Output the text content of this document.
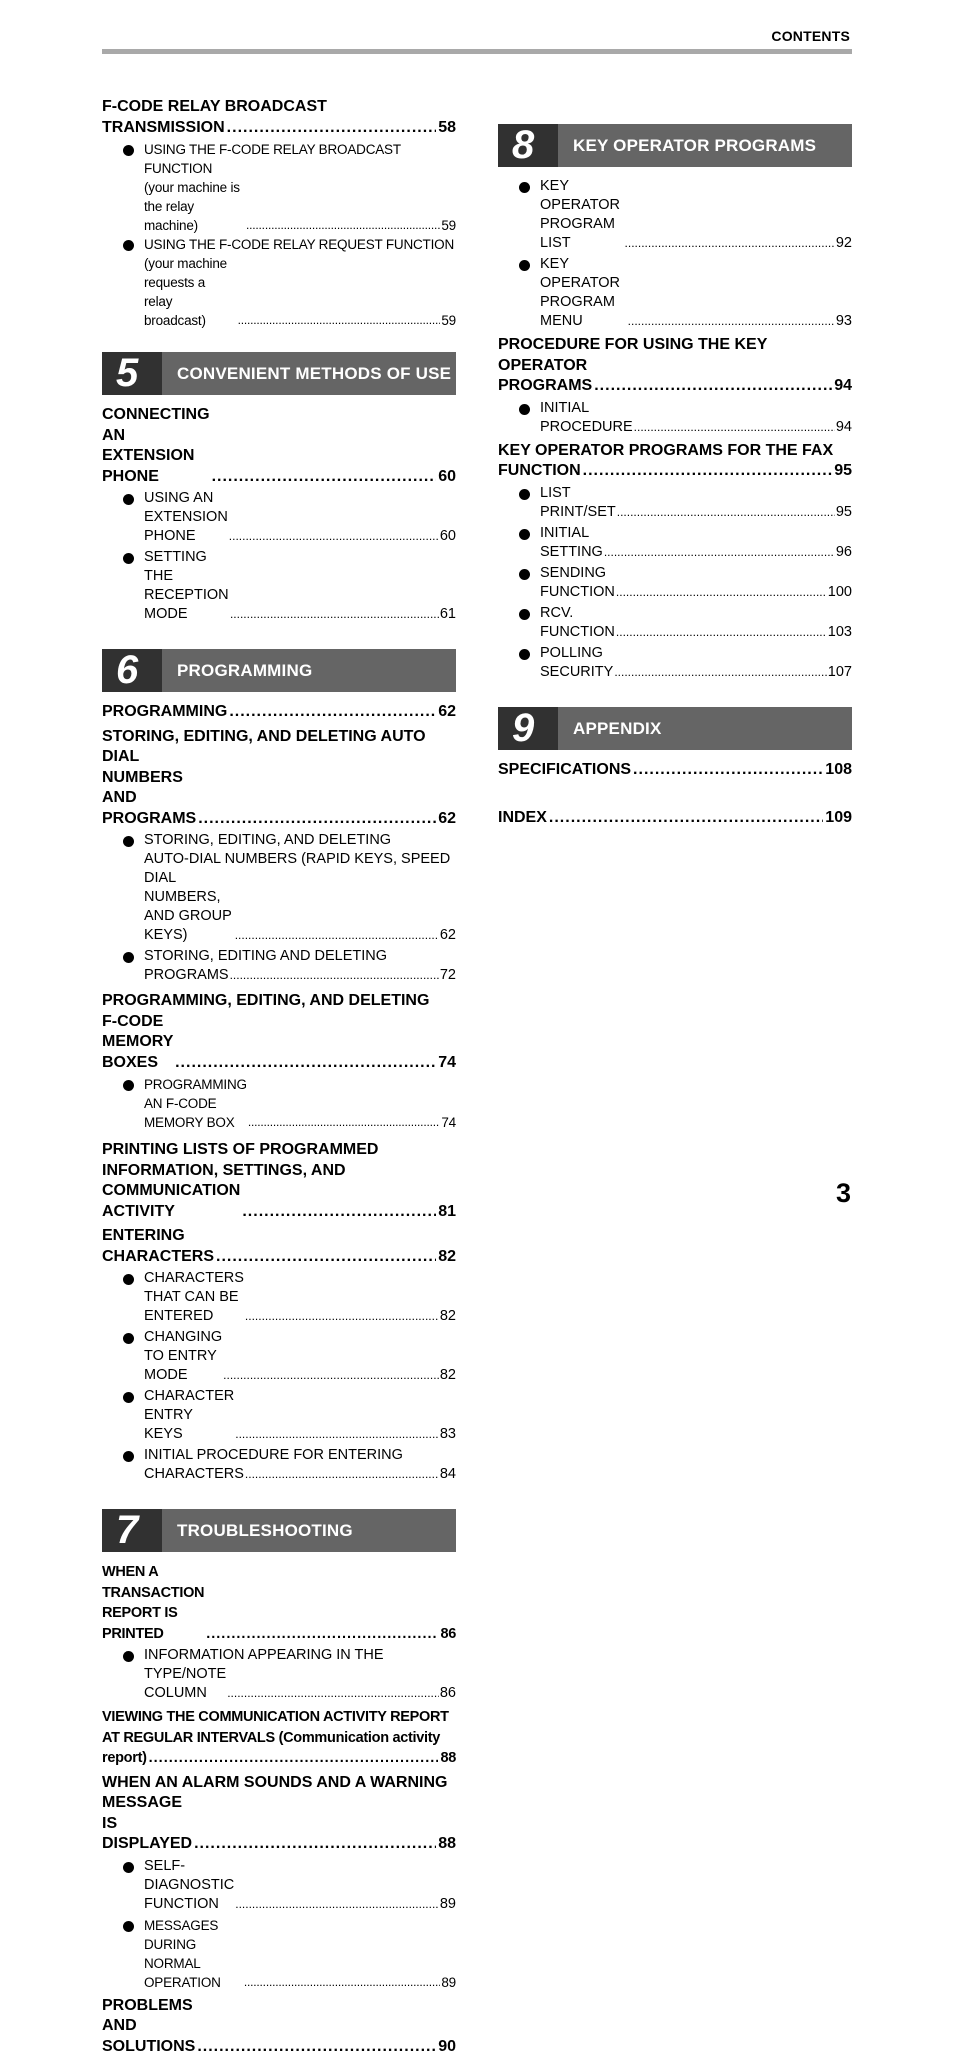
CONTENTS
F-CODE RELAY BROADCAST
TRANSMISSION .....	58
USING THE F-CODE RELAY BROADCAST
FUNCTION (your machine is the relay machine) .....	59
USING THE F-CODE RELAY REQUEST FUNCTION
(your machine requests a relay broadcast) .....	59
5 CONVENIENT METHODS OF USE
CONNECTING AN EXTENSION PHONE .....	60
USING AN EXTENSION PHONE .....	60
SETTING THE RECEPTION MODE .....	61
6 PROGRAMMING
PROGRAMMING .....	62
STORING, EDITING, AND DELETING AUTO DIAL
NUMBERS AND PROGRAMS .....	62
STORING, EDITING, AND DELETING
AUTO-DIAL NUMBERS (RAPID KEYS, SPEED
DIAL NUMBERS, AND GROUP KEYS) .....	62
STORING, EDITING AND DELETING
PROGRAMS .....	72
PROGRAMMING, EDITING, AND DELETING
F-CODE MEMORY BOXES .....	74
PROGRAMMING AN F-CODE MEMORY BOX .....	74
PRINTING LISTS OF PROGRAMMED
INFORMATION, SETTINGS, AND
COMMUNICATION ACTIVITY .....	81
ENTERING CHARACTERS .....	82
CHARACTERS THAT CAN BE ENTERED .....	82
CHANGING TO ENTRY MODE .....	82
CHARACTER ENTRY KEYS .....	83
INITIAL PROCEDURE FOR ENTERING
CHARACTERS .....	84
7 TROUBLESHOOTING
WHEN A TRANSACTION REPORT IS PRINTED .....	86
INFORMATION APPEARING IN THE
TYPE/NOTE COLUMN .....	86
VIEWING THE COMMUNICATION ACTIVITY REPORT
AT REGULAR INTERVALS (Communication activity
report) .....	88
WHEN AN ALARM SOUNDS AND A WARNING
MESSAGE IS DISPLAYED .....	88
SELF-DIAGNOSTIC FUNCTION .....	89
MESSAGES DURING NORMAL OPERATION .....	89
PROBLEMS AND SOLUTIONS .....	90
8 KEY OPERATOR PROGRAMS
KEY OPERATOR PROGRAM LIST .....	92
KEY OPERATOR PROGRAM MENU .....	93
PROCEDURE FOR USING THE KEY
OPERATOR PROGRAMS .....	94
INITIAL PROCEDURE .....	94
KEY OPERATOR PROGRAMS FOR THE FAX
FUNCTION .....	95
LIST PRINT/SET .....	95
INITIAL SETTING .....	96
SENDING FUNCTION .....	100
RCV. FUNCTION .....	103
POLLING SECURITY .....	107
9 APPENDIX
SPECIFICATIONS .....	108
INDEX .....	109
3
